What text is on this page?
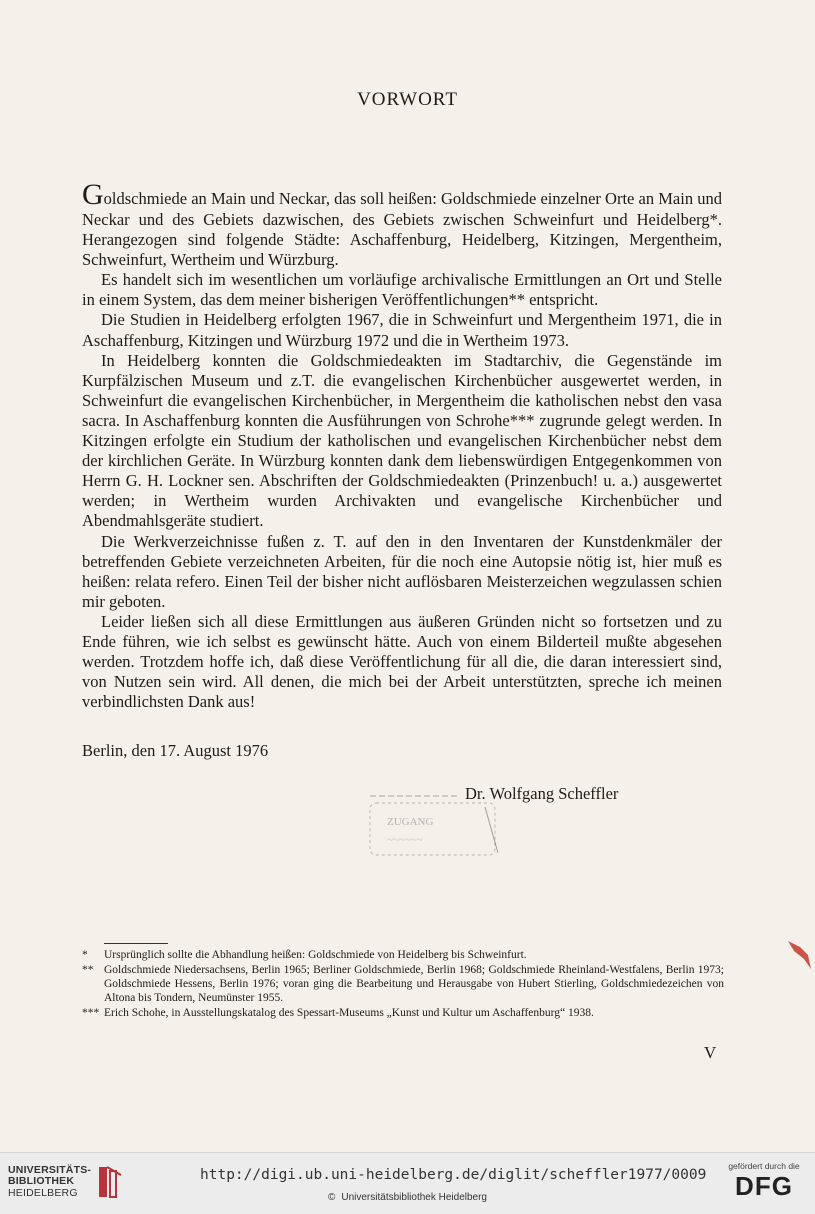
VORWORT

Goldschmiede an Main und Neckar, das soll heißen: Goldschmiede einzelner Orte an Main und Neckar und des Gebiets dazwischen, des Gebiets zwischen Schweinfurt und Heidelberg*. Herangezogen sind folgende Städte: Aschaffenburg, Heidelberg, Kitzingen, Mergentheim, Schweinfurt, Wertheim und Würzburg.

Es handelt sich im wesentlichen um vorläufige archivalische Ermittlungen an Ort und Stelle in einem System, das dem meiner bisherigen Veröffentlichungen** entspricht.

Die Studien in Heidelberg erfolgten 1967, die in Schweinfurt und Mergentheim 1971, die in Aschaffenburg, Kitzingen und Würzburg 1972 und die in Wertheim 1973.

In Heidelberg konnten die Goldschmiedeakten im Stadtarchiv, die Gegenstände im Kurpfälzischen Museum und z.T. die evangelischen Kirchenbücher ausgewertet werden, in Schweinfurt die evangelischen Kirchenbücher, in Mergentheim die katholischen nebst den vasa sacra. In Aschaffenburg konnten die Ausführungen von Schrohe*** zugrunde gelegt werden. In Kitzingen erfolgte ein Studium der katholischen und evangelischen Kirchenbücher nebst dem der kirchlichen Geräte. In Würzburg konnten dank dem liebenswürdigen Entgegenkommen von Herrn G. H. Lockner sen. Abschriften der Goldschmiedeakten (Prinzenbuch! u. a.) ausgewertet werden; in Wertheim wurden Archivakten und evangelische Kirchenbücher und Abendmahlsgeräte studiert.

Die Werkverzeichnisse fußen z. T. auf den in den Inventaren der Kunstdenkmäler der betreffenden Gebiete verzeichneten Arbeiten, für die noch eine Autopsie nötig ist, hier muß es heißen: relata refero. Einen Teil der bisher nicht auflösbaren Meisterzeichen wegzulassen schien mir geboten.

Leider ließen sich all diese Ermittlungen aus äußeren Gründen nicht so fortsetzen und zu Ende führen, wie ich selbst es gewünscht hätte. Auch von einem Bilderteil mußte abgesehen werden. Trotzdem hoffe ich, daß diese Veröffentlichung für all die, die daran interessiert sind, von Nutzen sein wird. All denen, die mich bei der Arbeit unterstützten, spreche ich meinen verbindlichsten Dank aus!

Berlin, den 17. August 1976
ZUGANG
~~~~~~
Dr. Wolfgang Scheffler
*	Ursprünglich sollte die Abhandlung heißen: Goldschmiede von Heidelberg bis Schweinfurt.
** Goldschmiede Niedersachsens, Berlin 1965; Berliner Goldschmiede, Berlin 1968; Goldschmiede Rheinland-Westfalens, Berlin 1973; Goldschmiede Hessens, Berlin 1976; voran ging die Bearbeitung und Herausgabe von Hubert Stierling, Goldschmiedezeichen von Altona bis Tondern, Neumünster 1955.
*** Erich Schohe, in Ausstellungskatalog des Spessart-Museums „Kunst und Kultur um Aschaffenburg“ 1938.
V
UNIVERSITÄTS-
BIBLIOTHEK
HEIDELBERG
http://digi.ub.uni-heidelberg.de/diglit/scheffler1977/0009
© Universitätsbibliothek Heidelberg
gefördert durch die
DFG
